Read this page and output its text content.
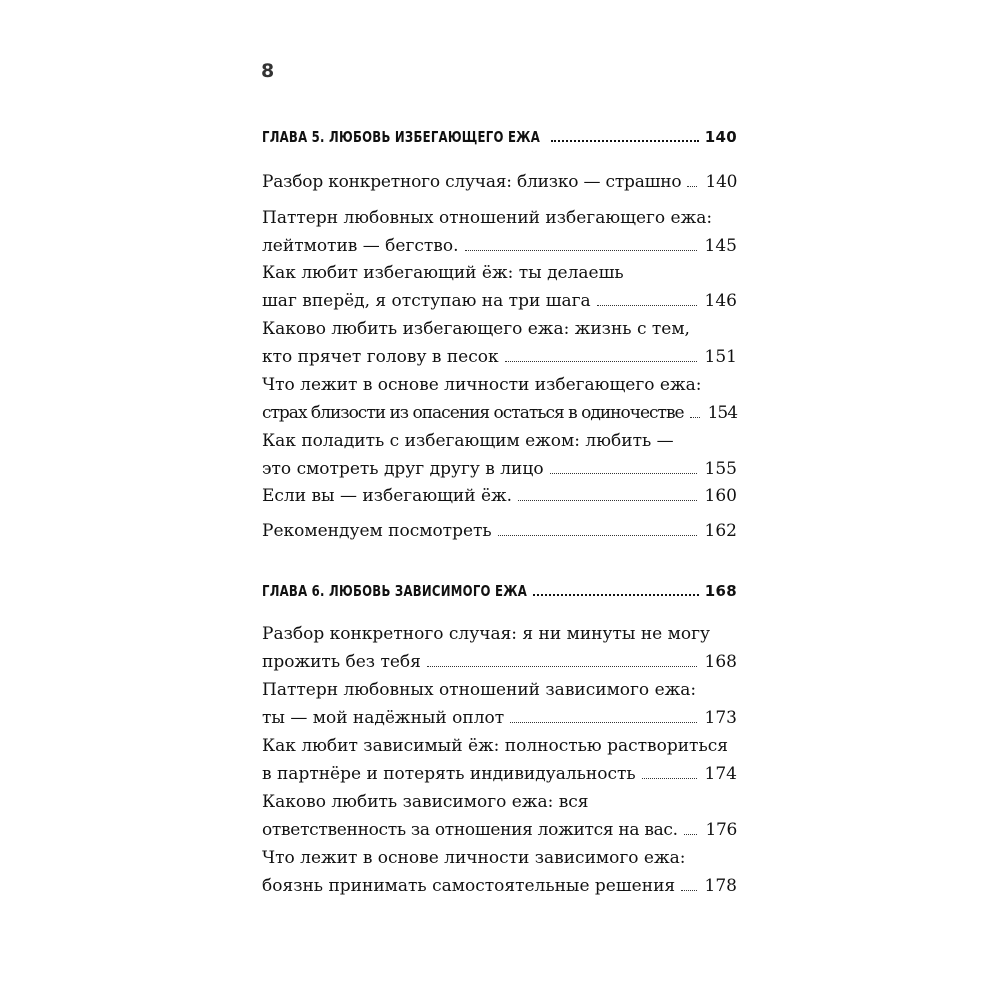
8
ГЛАВА 5. ЛЮБОВЬ ИЗБЕГАЮЩЕГО ЕЖА	140
Разбор конкретного случая: близко — страшно 140
Паттерн любовных отношений избегающего ежа:
лейтмотив — бегство.	145
Как любит избегающий ёж: ты делаешь
шаг вперёд, я отступаю на три шага	146
Каково любить избегающего ежа: жизнь с тем,
кто прячет голову в песок	151
Что лежит в основе личности избегающего ежа:
страх близости из опасения остаться в одиночестве 154
Как поладить с избегающим ежом: любить —
это смотреть друг другу в лицо	155
Если вы — избегающий ёж.	160
Рекомендуем посмотреть	162
ГЛАВА 6. ЛЮБОВЬ ЗАВИСИМОГО ЕЖА	168
Разбор конкретного случая: я ни минуты не могу
прожить без тебя	168
Паттерн любовных отношений зависимого ежа:
ты — мой надёжный оплот	173
Как любит зависимый ёж: полностью раствориться
в партнёре и потерять индивидуальность	174
Каково любить зависимого ежа: вся
ответственность за отношения ложится на вас. 176
Что лежит в основе личности зависимого ежа:
боязнь принимать самостоятельные решения 178
